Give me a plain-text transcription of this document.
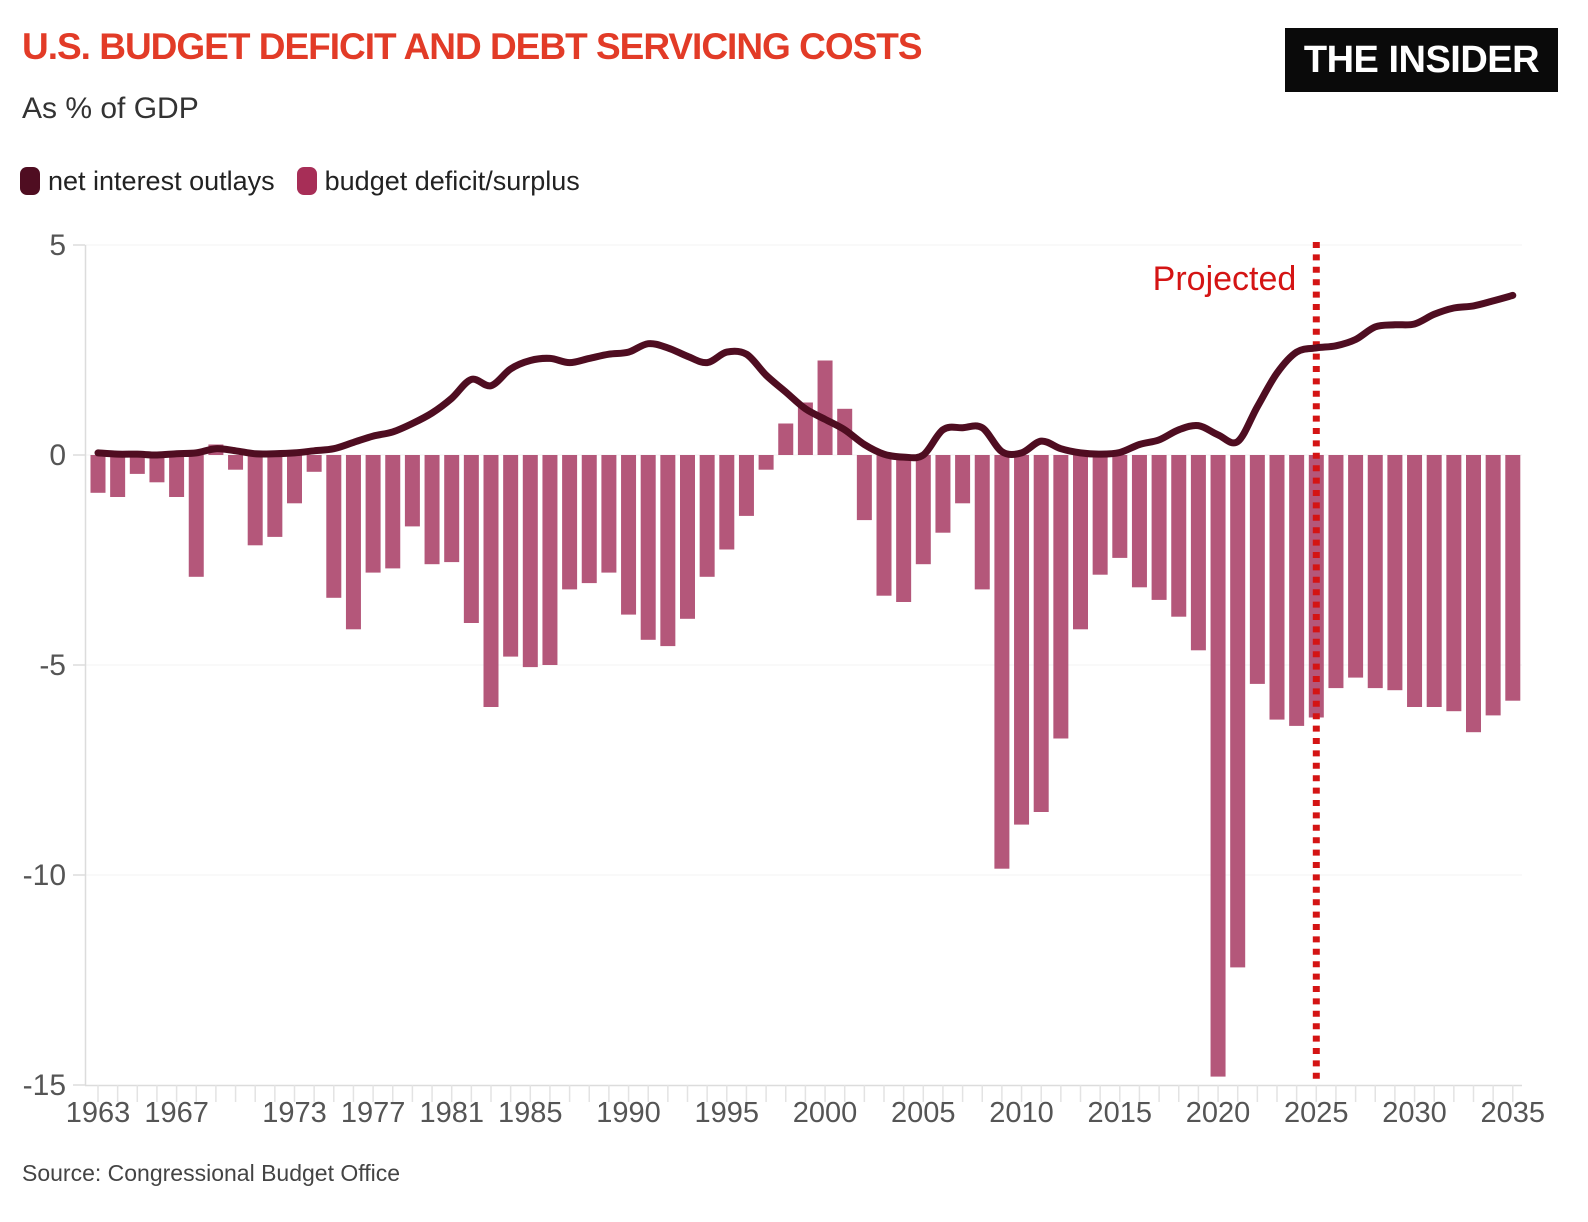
5
0
-5
-10
-15
1963 1967 1973 1977 1981 1985 1990 1995 2000 2005 2010 2015 2020 2025 2030 2035
Projected
U.S. BUDGET DEFICIT AND DEBT SERVICING COSTS
As % of GDP
THE INSIDER
net interest outlays budget deficit/surplus
Source: Congressional Budget Office
